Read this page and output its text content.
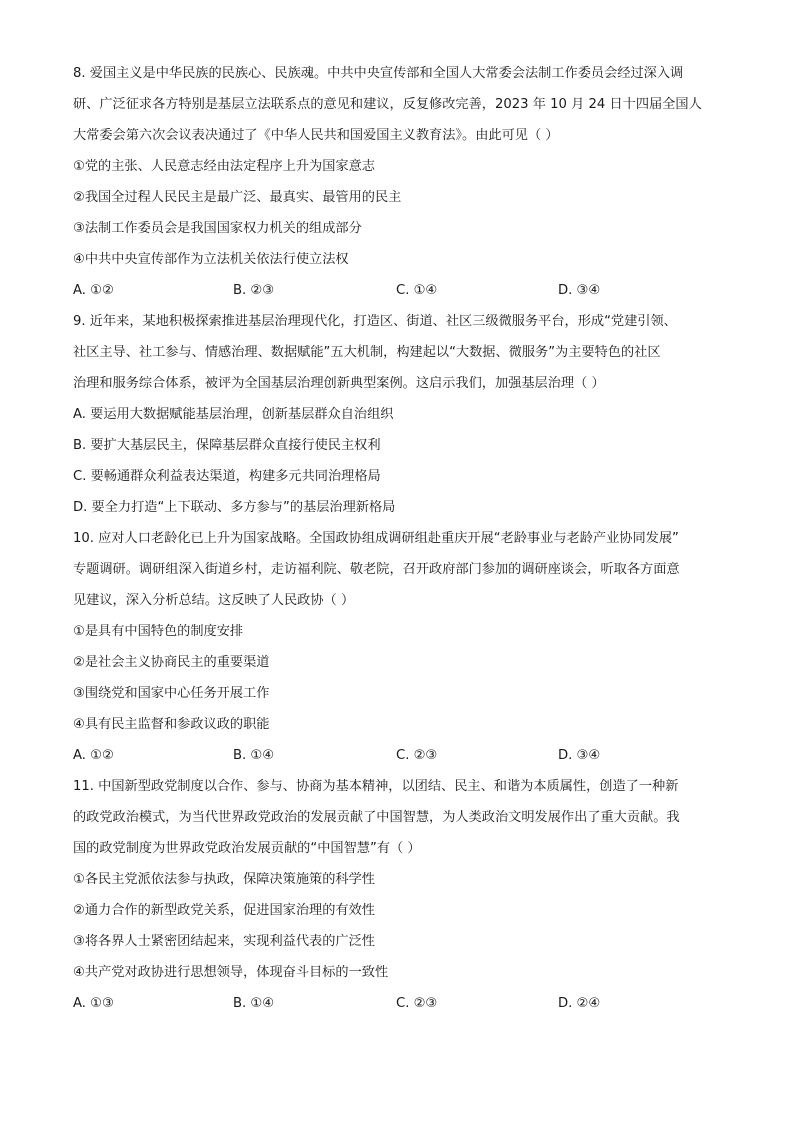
8. 爱国主义是中华民族的民族心、民族魂。中共中央宣传部和全国人大常委会法制工作委员会经过深入调
研、广泛征求各方特别是基层立法联系点的意见和建议，反复修改完善，2023 年 10 月 24 日十四届全国人
大常委会第六次会议表决通过了《中华人民共和国爱国主义教育法》。由此可见（ ）
①党的主张、人民意志经由法定程序上升为国家意志
②我国全过程人民民主是最广泛、最真实、最管用的民主
③法制工作委员会是我国国家权力机关的组成部分
④中共中央宣传部作为立法机关依法行使立法权
A. ①②	B. ②③	C. ①④	D. ③④
9. 近年来，某地积极探索推进基层治理现代化，打造区、街道、社区三级微服务平台，形成“党建引领、
社区主导、社工参与、情感治理、数据赋能”五大机制，构建起以“大数据、微服务”为主要特色的社区
治理和服务综合体系，被评为全国基层治理创新典型案例。这启示我们，加强基层治理（ ）
A. 要运用大数据赋能基层治理，创新基层群众自治组织
B. 要扩大基层民主，保障基层群众直接行使民主权利
C. 要畅通群众利益表达渠道，构建多元共同治理格局
D. 要全力打造“上下联动、多方参与”的基层治理新格局
10. 应对人口老龄化已上升为国家战略。全国政协组成调研组赴重庆开展“老龄事业与老龄产业协同发展”
专题调研。调研组深入街道乡村，走访福利院、敬老院，召开政府部门参加的调研座谈会，听取各方面意
见建议，深入分析总结。这反映了人民政协（ ）
①是具有中国特色的制度安排
②是社会主义协商民主的重要渠道
③围绕党和国家中心任务开展工作
④具有民主监督和参政议政的职能
A. ①②	B. ①④	C. ②③	D. ③④
11. 中国新型政党制度以合作、参与、协商为基本精神，以团结、民主、和谐为本质属性，创造了一种新
的政党政治模式，为当代世界政党政治的发展贡献了中国智慧，为人类政治文明发展作出了重大贡献。我
国的政党制度为世界政党政治发展贡献的“中国智慧”有（ ）
①各民主党派依法参与执政，保障决策施策的科学性
②通力合作的新型政党关系，促进国家治理的有效性
③将各界人士紧密团结起来，实现利益代表的广泛性
④共产党对政协进行思想领导，体现奋斗目标的一致性
A. ①③	B. ①④	C. ②③	D. ②④
